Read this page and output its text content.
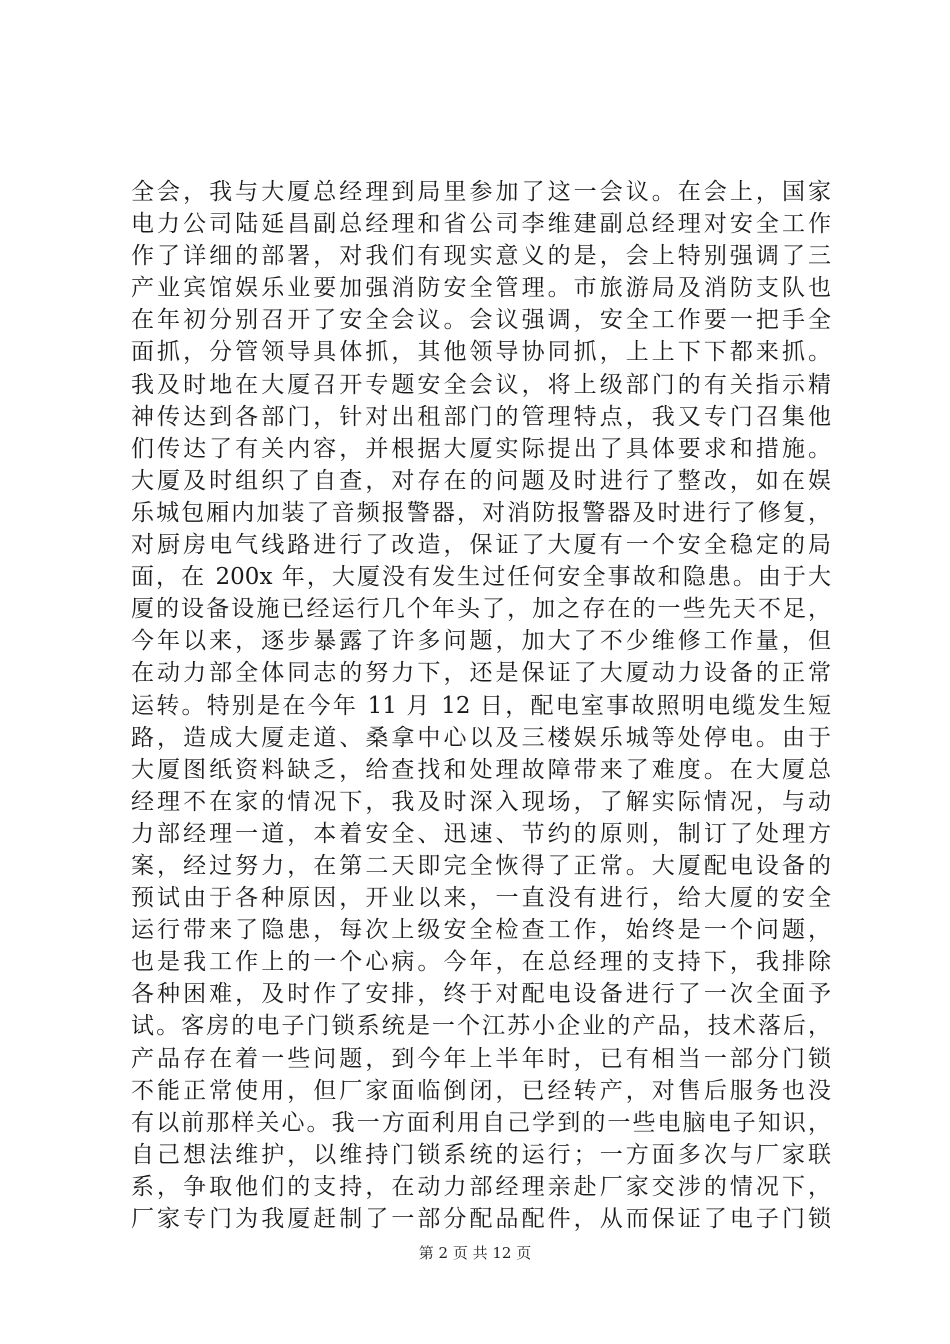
全会，我与大厦总经理到局里参加了这一会议。在会上，国家
电力公司陆延昌副总经理和省公司李维建副总经理对安全工作
作了详细的部署，对我们有现实意义的是，会上特别强调了三
产业宾馆娱乐业要加强消防安全管理。市旅游局及消防支队也
在年初分别召开了安全会议。会议强调，安全工作要一把手全
面抓，分管领导具体抓，其他领导协同抓，上上下下都来抓。
我及时地在大厦召开专题安全会议，将上级部门的有关指示精
神传达到各部门，针对出租部门的管理特点，我又专门召集他
们传达了有关内容，并根据大厦实际提出了具体要求和措施。
大厦及时组织了自查，对存在的问题及时进行了整改，如在娱
乐城包厢内加装了音频报警器，对消防报警器及时进行了修复，
对厨房电气线路进行了改造，保证了大厦有一个安全稳定的局
面，在 200x 年，大厦没有发生过任何安全事故和隐患。由于大
厦的设备设施已经运行几个年头了，加之存在的一些先天不足，
今年以来，逐步暴露了许多问题，加大了不少维修工作量，但
在动力部全体同志的努力下，还是保证了大厦动力设备的正常
运转。特别是在今年 11 月 12 日，配电室事故照明电缆发生短
路，造成大厦走道、桑拿中心以及三楼娱乐城等处停电。由于
大厦图纸资料缺乏，给查找和处理故障带来了难度。在大厦总
经理不在家的情况下，我及时深入现场，了解实际情况，与动
力部经理一道，本着安全、迅速、节约的原则，制订了处理方
案，经过努力，在第二天即完全恢得了正常。大厦配电设备的
预试由于各种原因，开业以来，一直没有进行，给大厦的安全
运行带来了隐患，每次上级安全检查工作，始终是一个问题，
也是我工作上的一个心病。今年，在总经理的支持下，我排除
各种困难，及时作了安排，终于对配电设备进行了一次全面予
试。客房的电子门锁系统是一个江苏小企业的产品，技术落后，
产品存在着一些问题，到今年上半年时，已有相当一部分门锁
不能正常使用，但厂家面临倒闭，已经转产，对售后服务也没
有以前那样关心。我一方面利用自己学到的一些电脑电子知识，
自己想法维护，以维持门锁系统的运行；一方面多次与厂家联
系，争取他们的支持，在动力部经理亲赴厂家交涉的情况下，
厂家专门为我厦赶制了一部分配品配件，从而保证了电子门锁
第 2 页 共 12 页
